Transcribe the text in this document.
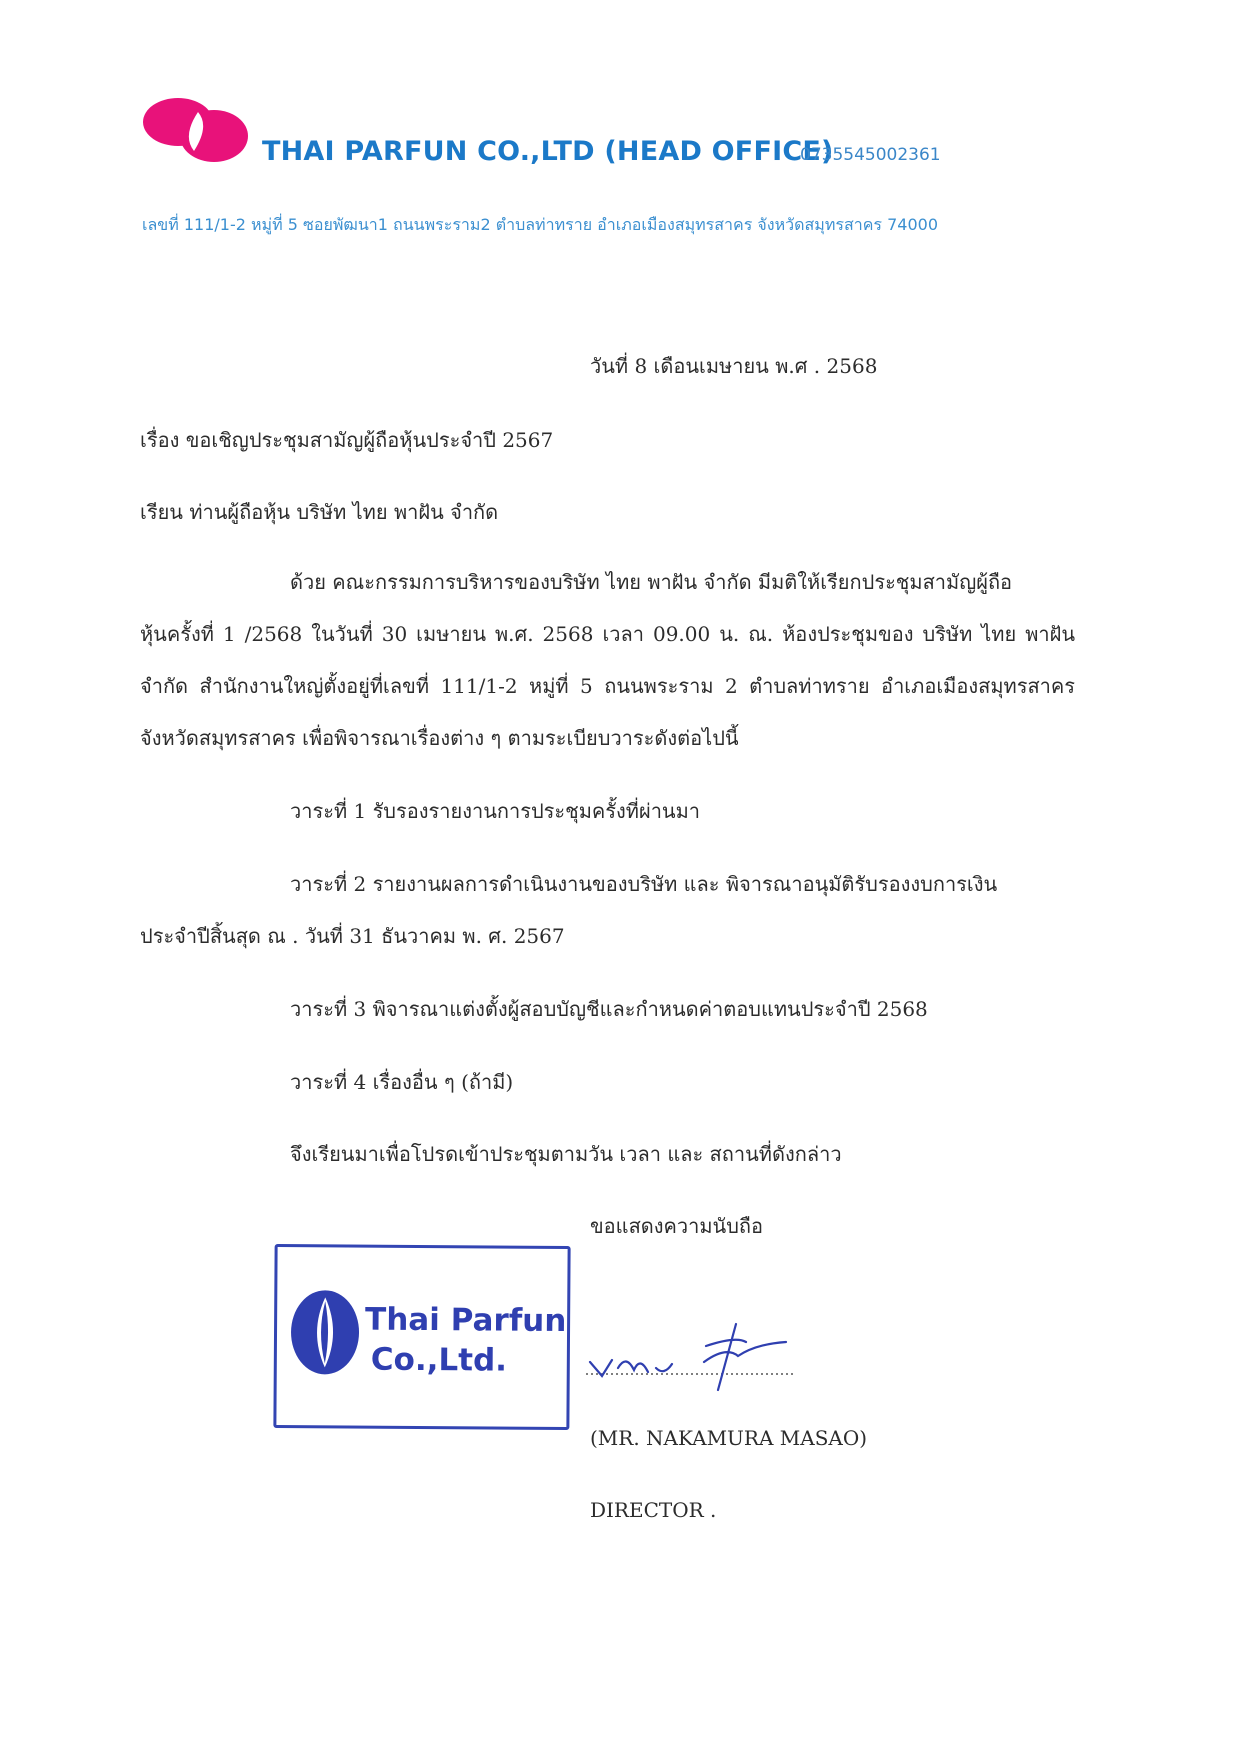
THAI PARFUN CO.,LTD (HEAD OFFICE)
0735545002361
เลขที่ 111/1-2 หมู่ที่ 5 ซอยพัฒนา1 ถนนพระราม2 ตำบลท่าทราย อำเภอเมืองสมุทรสาคร จังหวัดสมุทรสาคร 74000
วันที่ 8 เดือนเมษายน พ.ศ . 2568
เรื่อง ขอเชิญประชุมสามัญผู้ถือหุ้นประจำปี 2567
เรียน ท่านผู้ถือหุ้น บริษัท ไทย พาฝัน จำกัด
ด้วย คณะกรรมการบริหารของบริษัท ไทย พาฝัน จำกัด มีมติให้เรียกประชุมสามัญผู้ถือ
หุ้นครั้งที่ 1 /2568 ในวันที่ 30 เมษายน พ.ศ. 2568 เวลา 09.00 น. ณ. ห้องประชุมของ บริษัท ไทย พาฝัน
จำกัด สำนักงานใหญ่ตั้งอยู่ที่เลขที่ 111/1-2 หมู่ที่ 5 ถนนพระราม 2 ตำบลท่าทราย อำเภอเมืองสมุทรสาคร
จังหวัดสมุทรสาคร เพื่อพิจารณาเรื่องต่าง ๆ ตามระเบียบวาระดังต่อไปนี้
วาระที่ 1 รับรองรายงานการประชุมครั้งที่ผ่านมา
วาระที่ 2 รายงานผลการดำเนินงานของบริษัท และ พิจารณาอนุมัติรับรองงบการเงิน
ประจำปีสิ้นสุด ณ . วันที่ 31 ธันวาคม พ. ศ. 2567
วาระที่ 3 พิจารณาแต่งตั้งผู้สอบบัญชีและกำหนดค่าตอบแทนประจำปี 2568
วาระที่ 4 เรื่องอื่น ๆ (ถ้ามี)
จึงเรียนมาเพื่อโปรดเข้าประชุมตามวัน เวลา และ สถานที่ดังกล่าว
ขอแสดงความนับถือ
Thai Parfun
Co.,Ltd.
(MR. NAKAMURA MASAO)
DIRECTOR .
